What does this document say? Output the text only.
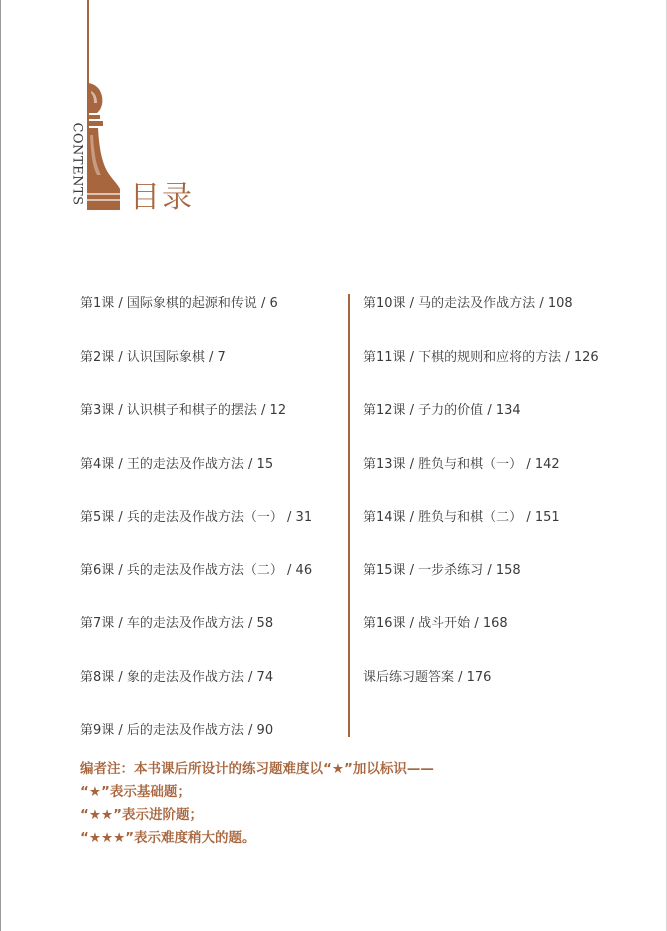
CONTENTS 目录
第1课 / 国际象棋的起源和传说 / 6
第2课 / 认识国际象棋 / 7
第3课 / 认识棋子和棋子的摆法 / 12
第4课 / 王的走法及作战方法 / 15
第5课 / 兵的走法及作战方法（一） / 31
第6课 / 兵的走法及作战方法（二） / 46
第7课 / 车的走法及作战方法 / 58
第8课 / 象的走法及作战方法 / 74
第9课 / 后的走法及作战方法 / 90
第10课 / 马的走法及作战方法 / 108
第11课 / 下棋的规则和应将的方法 / 126
第12课 / 子力的价值 / 134
第13课 / 胜负与和棋（一） / 142
第14课 / 胜负与和棋（二） / 151
第15课 / 一步杀练习 / 158
第16课 / 战斗开始 / 168
课后练习题答案 / 176
编者注：本书课后所设计的练习题难度以“★”加以标识——
“★”表示基础题；
“★★”表示进阶题；
“★★★”表示难度稍大的题。
